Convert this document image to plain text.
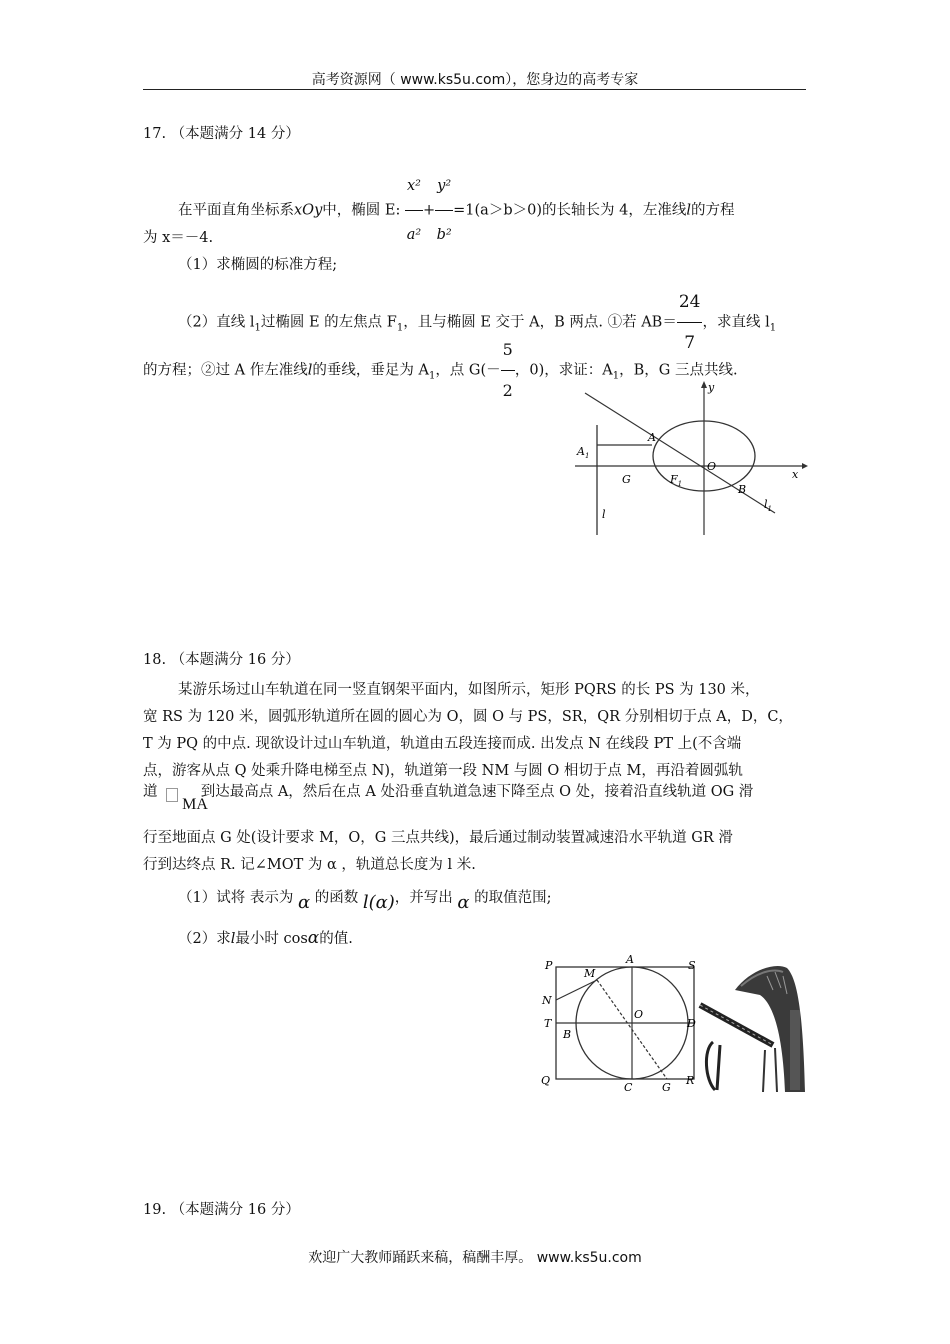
高考资源网（ www.ks5u.com），您身边的高考专家
17. （本题满分 14 分）
在平面直角坐标系xOy中，椭圆 E: $\frac{\text{x²}}{\text{a²}} + \frac{\text{y²}}{\text{b²}} =1(a>b>0)$的长轴长为 4，左准线l的方程
为 x＝－4.
（1）求椭圆的标准方程;
（2）直线 $l_1$过椭圆 E 的左焦点 $F_1$，且与椭圆 E 交于 A，B 两点. ①若 $AB= \frac{24}{7}$ ，求直线 $l_1$
的方程；②过 A 作左准线l的垂线，垂足为 $A_1$，点 $G(- \frac{5}{2}$ ，0)，求证：$A_1$，B，G 三点共线.
$A_1$
A
G	$F_1$
O
B
l
$l_1$
y
x
18. （本题满分 16 分）
某游乐场过山车轨道在同一竖直钢架平面内，如图所示，矩形 PQRS 的长 PS 为 130 米，
宽 RS 为 120 米，圆弧形轨道所在圆的圆心为 O，圆 O 与 PS，SR，QR 分别相切于点 A，D，C，
T 为 PQ 的中点. 现欲设计过山车轨道，轨道由五段连接而成. 出发点 N 在线段 PT 上(不含端
点，游客从点 Q 处乘升降电梯至点 N)，轨道第一段 NM 与圆 O 相切于点 M，再沿着圆弧轨
道
MA
到达最高点 A，然后在点 A 处沿垂直轨道急速下降至点 O 处，接着沿直线轨道 OG 滑
行至地面点 G 处(设计要求 M，O，G 三点共线)，最后通过制动装置减速沿水平轨道 GR 滑
行到达终点 R. 记∠MOT 为 α ，轨道总长度为 l 米.
（1）试将 表示为 α 的函数 l(α)，并写出 α 的取值范围;
（2）求l最小时 cosα的值.
P
M
A	S
N
T
B
O
D
Q
C	G
R
19. （本题满分 16 分）
欢迎广大教师踊跃来稿，稿酬丰厚。 www.ks5u.com
